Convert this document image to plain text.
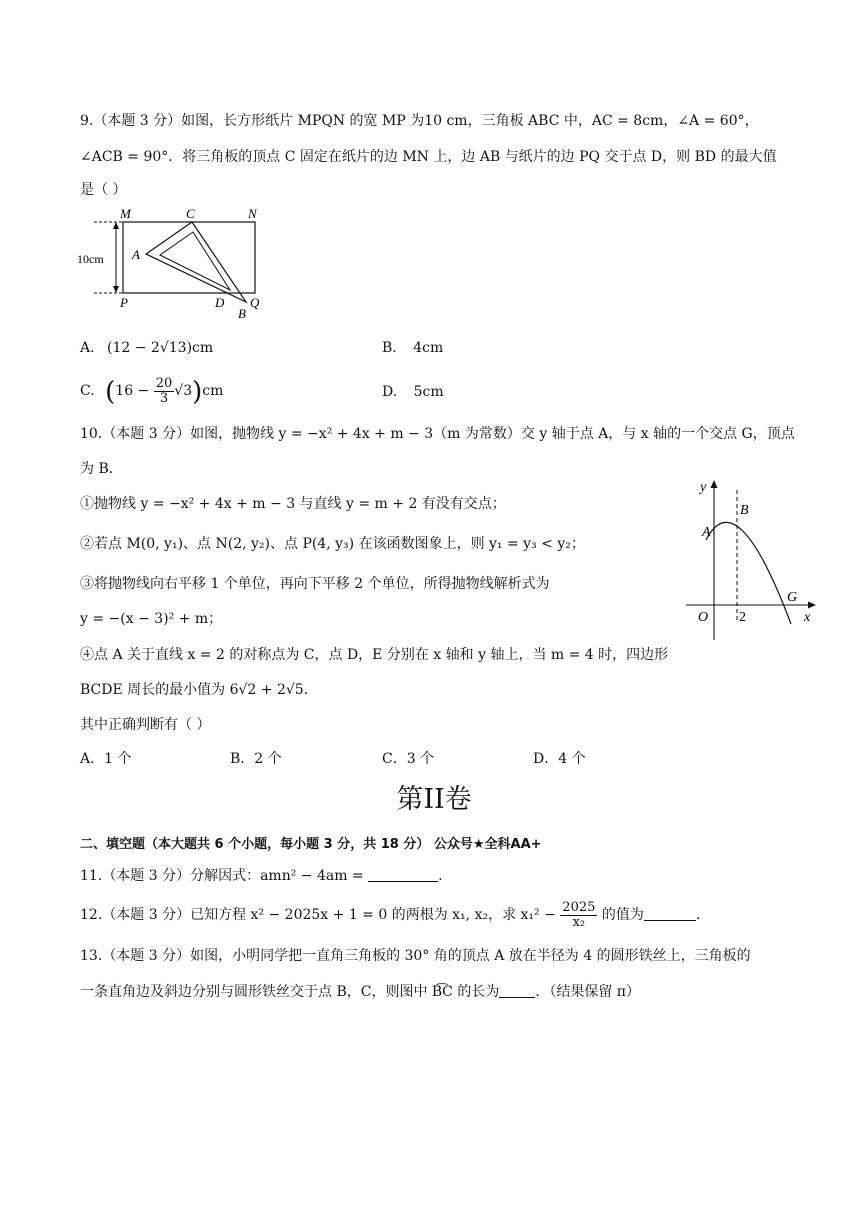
9.（本题 3 分）如图，长方形纸片 MPQN 的宽 MP 为10 cm，三角板 ABC 中，AC = 8cm，∠A = 60°，
∠ACB = 90°．将三角板的顶点 C 固定在纸片的边 MN 上，边 AB 与纸片的边 PQ 交于点 D，则 BD 的最大值
是（ ）
M	C	N
A
10cm
P	D Q
B
A. (12 − 2√13)cm	B. 4cm
C. $(16 - \frac{20}{3} √3)cm$	D. 5cm
10.（本题 3 分）如图，抛物线 y = −x² + 4x + m − 3（m 为常数）交 y 轴于点 A，与 x 轴的一个交点 G，顶点
为 B．
①抛物线 y = −x² + 4x + m − 3 与直线 y = m + 2 有没有交点；
②若点 M(0, y₁)、点 N(2, y₂)、点 P(4, y₃) 在该函数图象上，则 y₁ = y₃ < y₂；
③将抛物线向右平移 1 个单位，再向下平移 2 个单位，所得抛物线解析式为
y = −(x − 3)² + m；
④点 A 关于直线 x = 2 的对称点为 C，点 D，E 分别在 x 轴和 y 轴上，当 m = 4 时，四边形
BCDE 周长的最小值为 6√2 + 2√5．
其中正确判断有（ ）
y
x
O 2
A
B
G
A．1 个	B．2 个	C．3 个	D．4 个
第II卷
二、填空题（本大题共 6 个小题，每小题 3 分，共 18 分） 公众号★全科AA+
11.（本题 3 分）分解因式：amn² − 4am =	.
12.（本题 3 分）已知方程 x² − 2025x + 1 = 0 的两根为 x₁, x₂，求 $x_1^2 - \frac{2025}{\text{x₂}}$ 的值为	.
13.（本题 3 分）如图，小明同学把一直角三角板的 30° 角的顶点 A 放在半径为 4 的圆形铁丝上，三角板的
一条直角边及斜边分别与圆形铁丝交于点 B，C，则图中 B͡C 的长为	．（结果保留 π）
